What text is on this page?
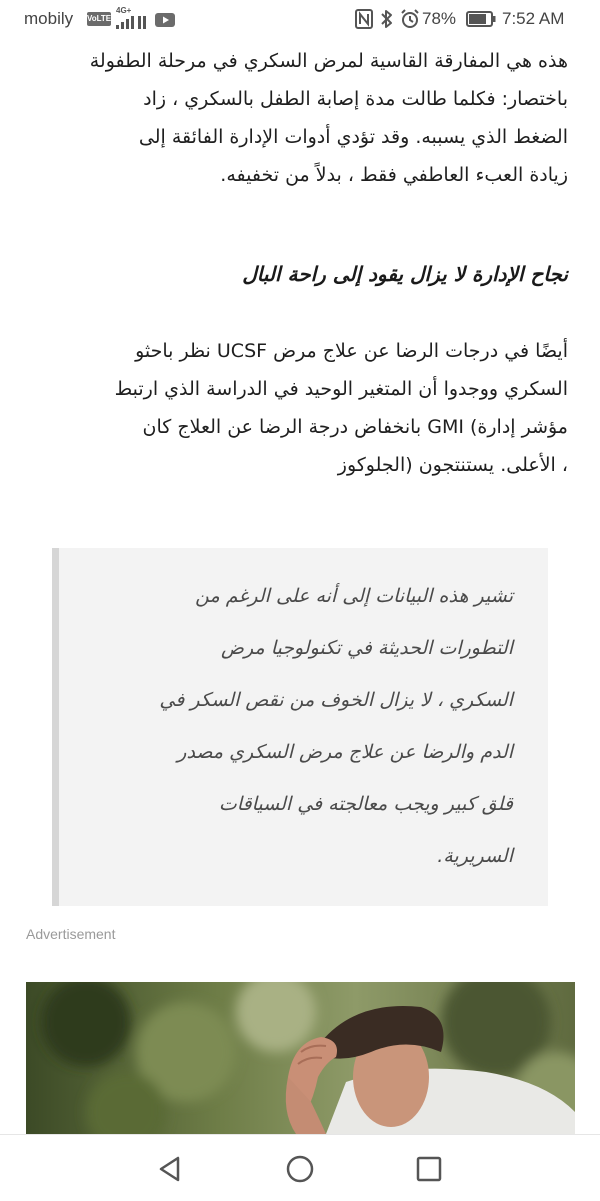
mobily VoLTE
4G+	78%	7:52 AM

هذه هي المفارقة القاسية لمرض السكري في مرحلة الطفولة
باختصار: فكلما طالت مدة إصابة الطفل بالسكري ، زاد
الضغط الذي يسببه. وقد تؤدي أدوات الإدارة الفائقة إلى
زيادة العبء العاطفي فقط ، بدلاً من تخفيفه.

نجاح الإدارة لا يزال يقود إلى راحة البال

أيضًا في درجات الرضا عن علاج مرض UCSF نظر باحثو
السكري ووجدوا أن المتغير الوحيد في الدراسة الذي ارتبط
مؤشر إدارة) GMI بانخفاض درجة الرضا عن العلاج كان
، الأعلى. يستنتجون (الجلوكوز

تشير هذه البيانات إلى أنه على الرغم من
التطورات الحديثة في تكنولوجيا مرض
السكري ، لا يزال الخوف من نقص السكر في
الدم والرضا عن علاج مرض السكري مصدر
قلق كبير ويجب معالجته في السياقات
السريرية.

Advertisement
